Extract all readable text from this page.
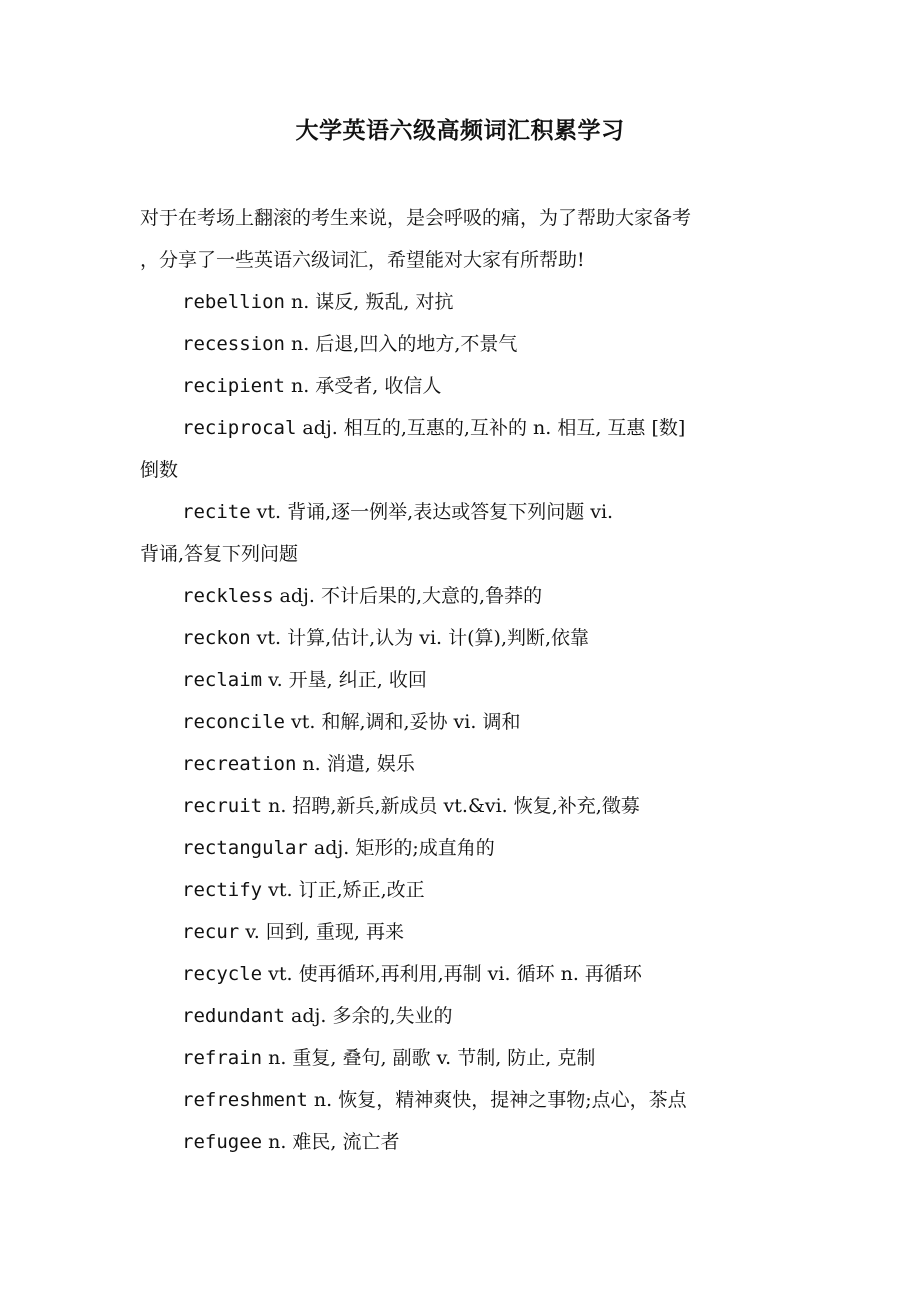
大学英语六级高频词汇积累学习
对于在考场上翻滚的考生来说，是会呼吸的痛，为了帮助大家备考
，分享了一些英语六级词汇，希望能对大家有所帮助!
rebellion n. 谋反, 叛乱, 对抗
recession n. 后退,凹入的地方,不景气
recipient n. 承受者, 收信人
reciprocal adj. 相互的,互惠的,互补的 n. 相互, 互惠 [数]
倒数
recite vt. 背诵,逐一例举,表达或答复下列问题 vi.
背诵,答复下列问题
reckless adj. 不计后果的,大意的,鲁莽的
reckon vt. 计算,估计,认为 vi. 计(算),判断,依靠
reclaim v. 开垦, 纠正, 收回
reconcile vt. 和解,调和,妥协 vi. 调和
recreation n. 消遣, 娱乐
recruit n. 招聘,新兵,新成员 vt.&vi. 恢复,补充,徵募
rectangular adj. 矩形的;成直角的
rectify vt. 订正,矫正,改正
recur v. 回到, 重现, 再来
recycle vt. 使再循环,再利用,再制 vi. 循环 n. 再循环
redundant adj. 多余的,失业的
refrain n. 重复, 叠句, 副歌 v. 节制, 防止, 克制
refreshment n. 恢复，精神爽快，提神之事物;点心，茶点
refugee n. 难民, 流亡者
